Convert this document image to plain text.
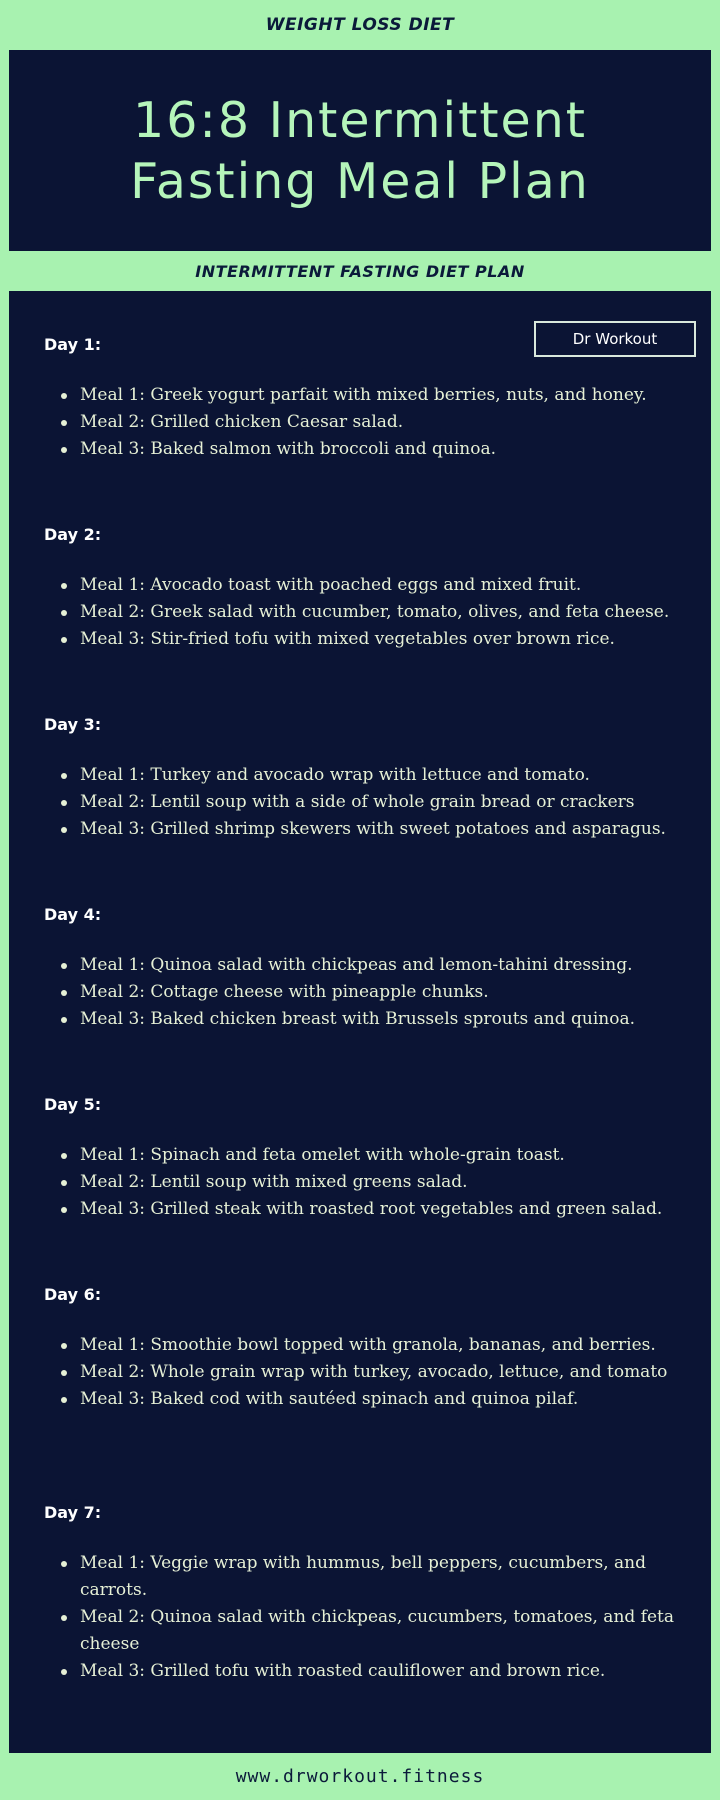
WEIGHT LOSS DIET
16:8 Intermittent
Fasting Meal Plan
INTERMITTENT FASTING DIET PLAN
Dr Workout
Day 1:
Meal 1: Greek yogurt parfait with mixed berries, nuts, and honey.
Meal 2: Grilled chicken Caesar salad.
Meal 3: Baked salmon with broccoli and quinoa.
Day 2:
Meal 1: Avocado toast with poached eggs and mixed fruit.
Meal 2: Greek salad with cucumber, tomato, olives, and feta cheese.
Meal 3: Stir-fried tofu with mixed vegetables over brown rice.
Day 3:
Meal 1: Turkey and avocado wrap with lettuce and tomato.
Meal 2: Lentil soup with a side of whole grain bread or crackers
Meal 3: Grilled shrimp skewers with sweet potatoes and asparagus.
Day 4:
Meal 1: Quinoa salad with chickpeas and lemon-tahini dressing.
Meal 2: Cottage cheese with pineapple chunks.
Meal 3: Baked chicken breast with Brussels sprouts and quinoa.
Day 5:
Meal 1: Spinach and feta omelet with whole-grain toast.
Meal 2: Lentil soup with mixed greens salad.
Meal 3: Grilled steak with roasted root vegetables and green salad.
Day 6:
Meal 1: Smoothie bowl topped with granola, bananas, and berries.
Meal 2: Whole grain wrap with turkey, avocado, lettuce, and tomato
Meal 3: Baked cod with sautéed spinach and quinoa pilaf.
Day 7:
Meal 1: Veggie wrap with hummus, bell peppers, cucumbers, and carrots.
Meal 2: Quinoa salad with chickpeas, cucumbers, tomatoes, and feta cheese
Meal 3: Grilled tofu with roasted cauliflower and brown rice.
www.drworkout.fitness
